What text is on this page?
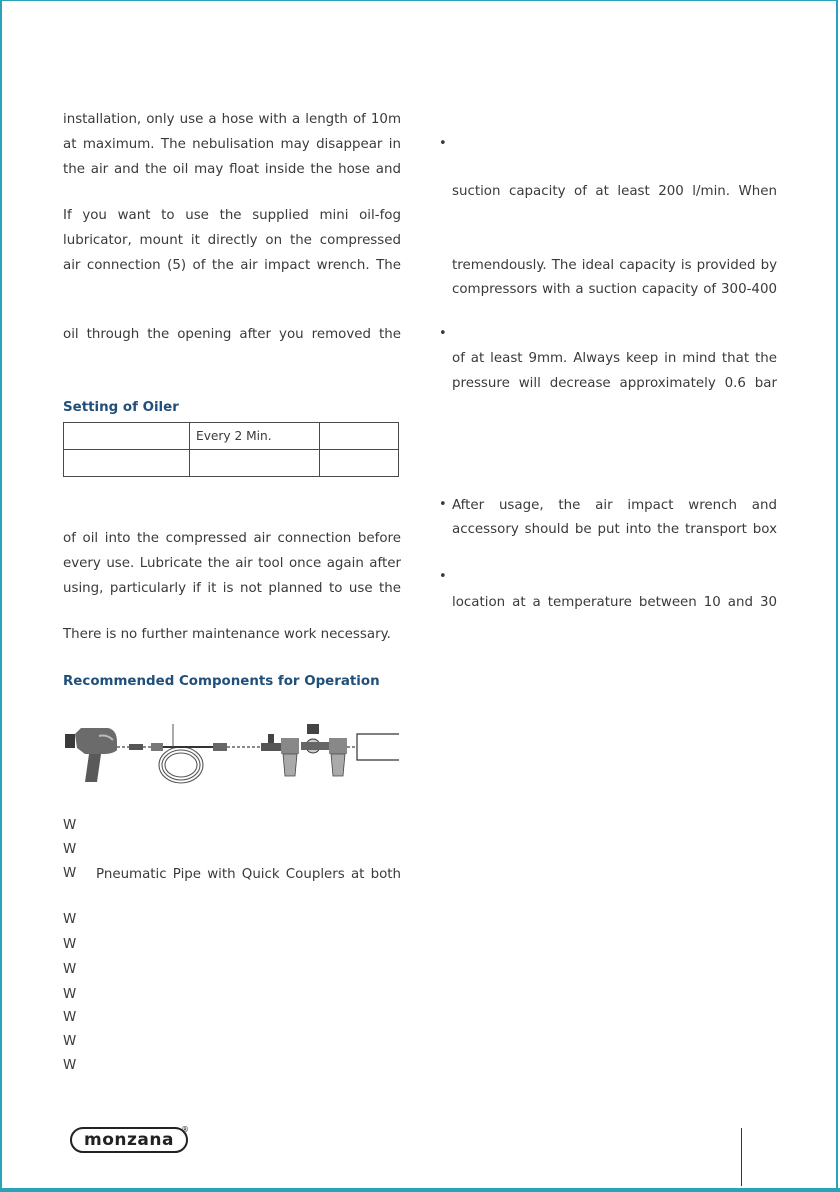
installation, only use a hose with a length of 10m
at maximum. The nebulisation may disappear in
the air and the oil may float inside the hose and
If you want to use the supplied mini oil-fog
lubricator, mount it directly on the compressed
air connection (5) of the air impact wrench. The
oil through the opening after you removed the
Setting of Oiler
	Every 2 Min.	

of oil into the compressed air connection before
every use. Lubricate the air tool once again after
using, particularly if it is not planned to use the
There is no further maintenance work necessary.
Recommended Components for Operation
W
W
W Pneumatic Pipe with Quick Couplers at both
W
W
W
W
W
W
W
•
suction capacity of at least 200 l/min. When
tremendously. The ideal capacity is provided by
compressors with a suction capacity of 300-400
•
of at least 9mm. Always keep in mind that the
pressure will decrease approximately 0.6 bar
• After usage, the air impact wrench and
accessory should be put into the transport box
•
location at a temperature between 10 and 30
monzana
®
